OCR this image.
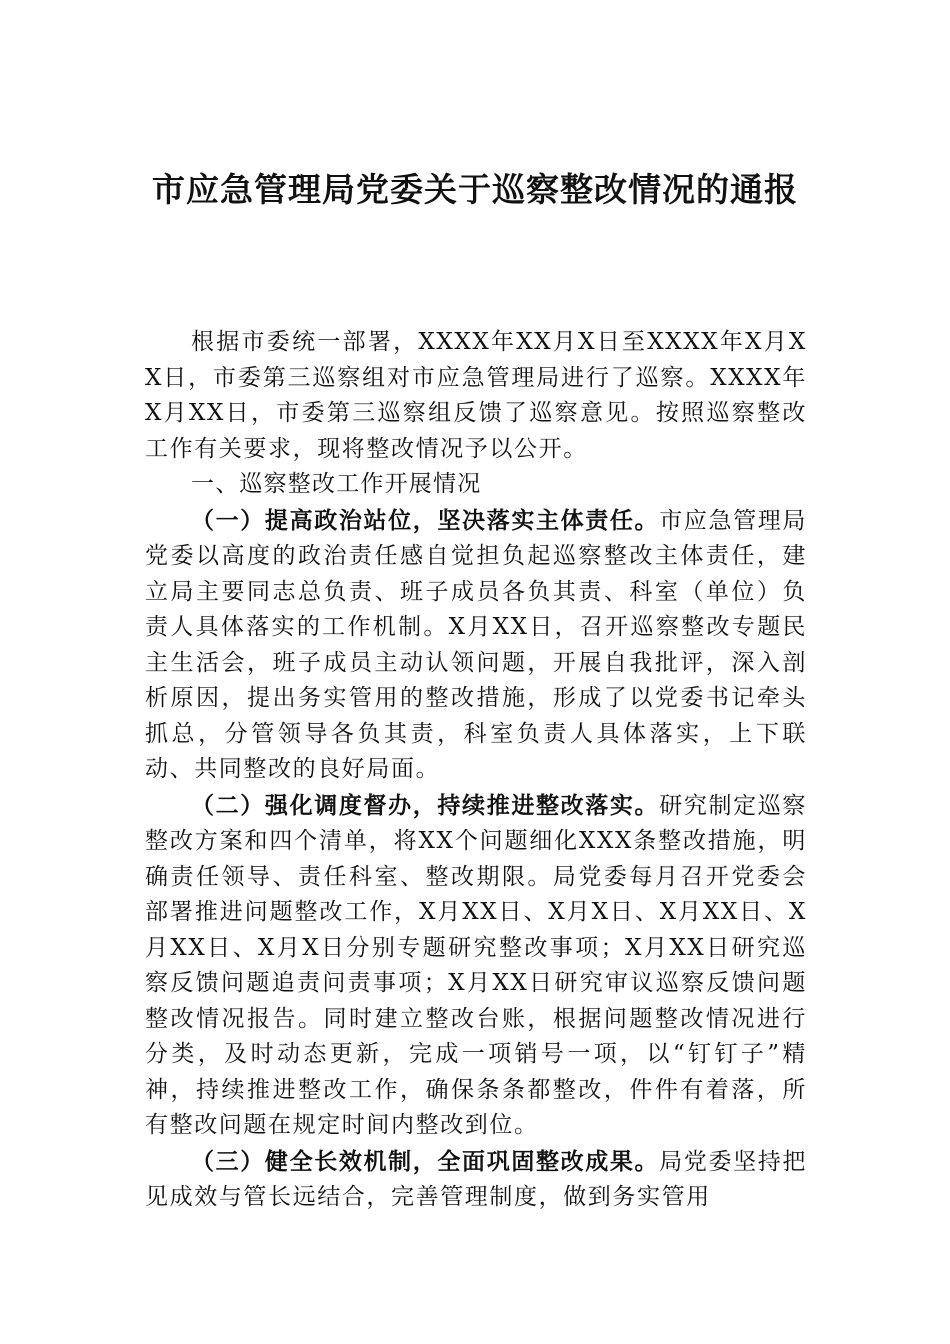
市应急管理局党委关于巡察整改情况的通报

根据市委统一部署，XXXX年XX月X日至XXXX年X月XX日，市委第三巡察组对市应急管理局进行了巡察。XXXX年X月XX日，市委第三巡察组反馈了巡察意见。按照巡察整改工作有关要求，现将整改情况予以公开。

一、巡察整改工作开展情况

（一）提高政治站位，坚决落实主体责任。市应急管理局党委以高度的政治责任感自觉担负起巡察整改主体责任，建立局主要同志总负责、班子成员各负其责、科室（单位）负责人具体落实的工作机制。X月XX日，召开巡察整改专题民主生活会，班子成员主动认领问题，开展自我批评，深入剖析原因，提出务实管用的整改措施，形成了以党委书记牵头抓总，分管领导各负其责，科室负责人具体落实，上下联动、共同整改的良好局面。

（二）强化调度督办，持续推进整改落实。研究制定巡察整改方案和四个清单，将XX个问题细化XXX条整改措施，明确责任领导、责任科室、整改期限。局党委每月召开党委会部署推进问题整改工作，X月XX日、X月X日、X月XX日、X月XX日、X月X日分别专题研究整改事项；X月XX日研究巡察反馈问题追责问责事项；X月XX日研究审议巡察反馈问题整改情况报告。同时建立整改台账，根据问题整改情况进行分类，及时动态更新，完成一项销号一项，以“钉钉子”精神，持续推进整改工作，确保条条都整改，件件有着落，所有整改问题在规定时间内整改到位。

（三）健全长效机制，全面巩固整改成果。局党委坚持把见成效与管长远结合，完善管理制度，做到务实管用
